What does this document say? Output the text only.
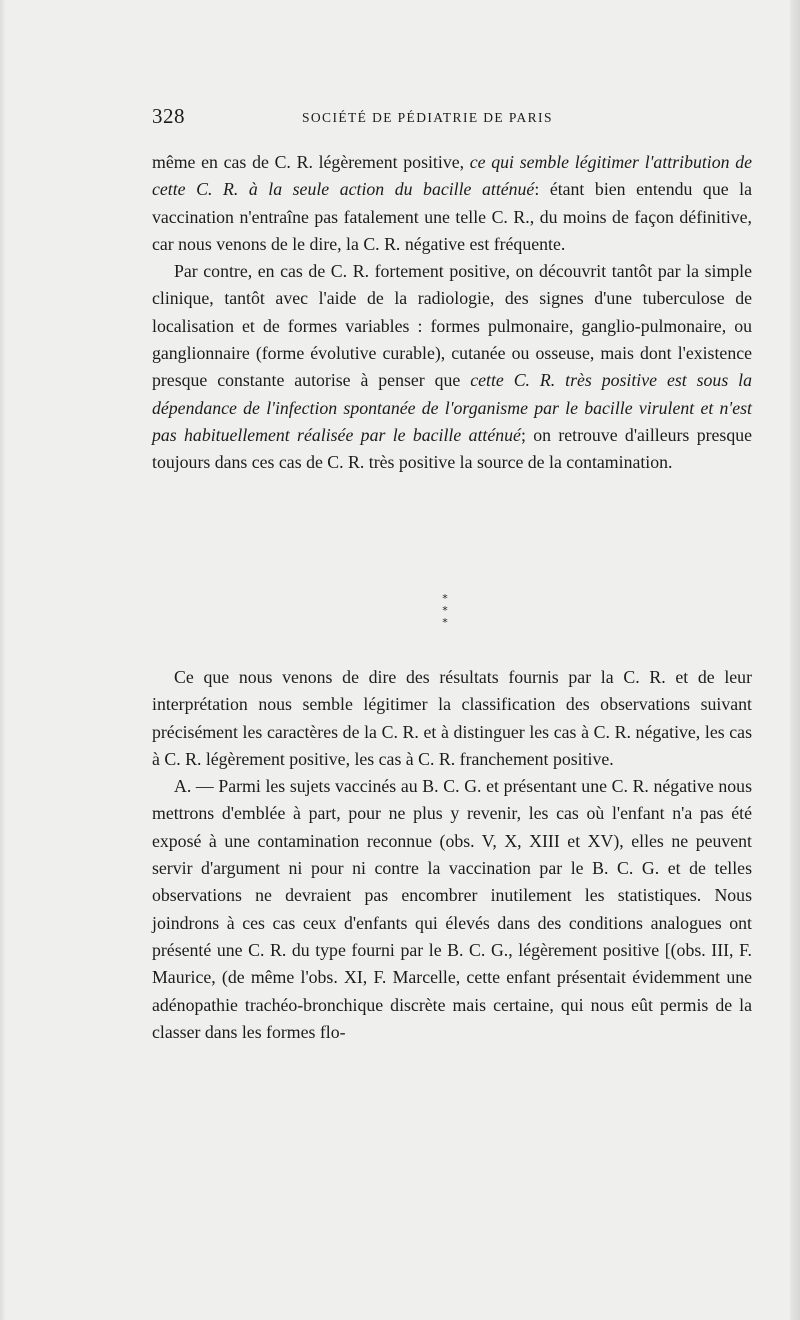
328	SOCIÉTÉ DE PÉDIATRIE DE PARIS

même en cas de C. R. légèrement positive, ce qui semble légitimer l'attribution de cette C. R. à la seule action du bacille atténué: étant bien entendu que la vaccination n'entraîne pas fatalement une telle C. R., du moins de façon définitive, car nous venons de le dire, la C. R. négative est fréquente.

Par contre, en cas de C. R. fortement positive, on découvrit tantôt par la simple clinique, tantôt avec l'aide de la radiologie, des signes d'une tuberculose de localisation et de formes variables : formes pulmonaire, ganglio-pulmonaire, ou ganglionnaire (forme évolutive curable), cutanée ou osseuse, mais dont l'existence presque constante autorise à penser que cette C. R. très positive est sous la dépendance de l'infection spontanée de l'organisme par le bacille virulent et n'est pas habituellement réalisée par le bacille atténué; on retrouve d'ailleurs presque toujours dans ces cas de C. R. très positive la source de la contamination.

*
* *

Ce que nous venons de dire des résultats fournis par la C. R. et de leur interprétation nous semble légitimer la classification des observations suivant précisément les caractères de la C. R. et à distinguer les cas à C. R. négative, les cas à C. R. légèrement positive, les cas à C. R. franchement positive.

A. — Parmi les sujets vaccinés au B. C. G. et présentant une C. R. négative nous mettrons d'emblée à part, pour ne plus y revenir, les cas où l'enfant n'a pas été exposé à une contamination reconnue (obs. V, X, XIII et XV), elles ne peuvent servir d'argument ni pour ni contre la vaccination par le B. C. G. et de telles observations ne devraient pas encombrer inutilement les statistiques. Nous joindrons à ces cas ceux d'enfants qui élevés dans des conditions analogues ont présenté une C. R. du type fourni par le B. C. G., légèrement positive [(obs. III, F. Maurice, (de même l'obs. XI, F. Marcelle, cette enfant présentait évidemment une adénopathie trachéo-bronchique discrète mais certaine, qui nous eût permis de la classer dans les formes flo-
